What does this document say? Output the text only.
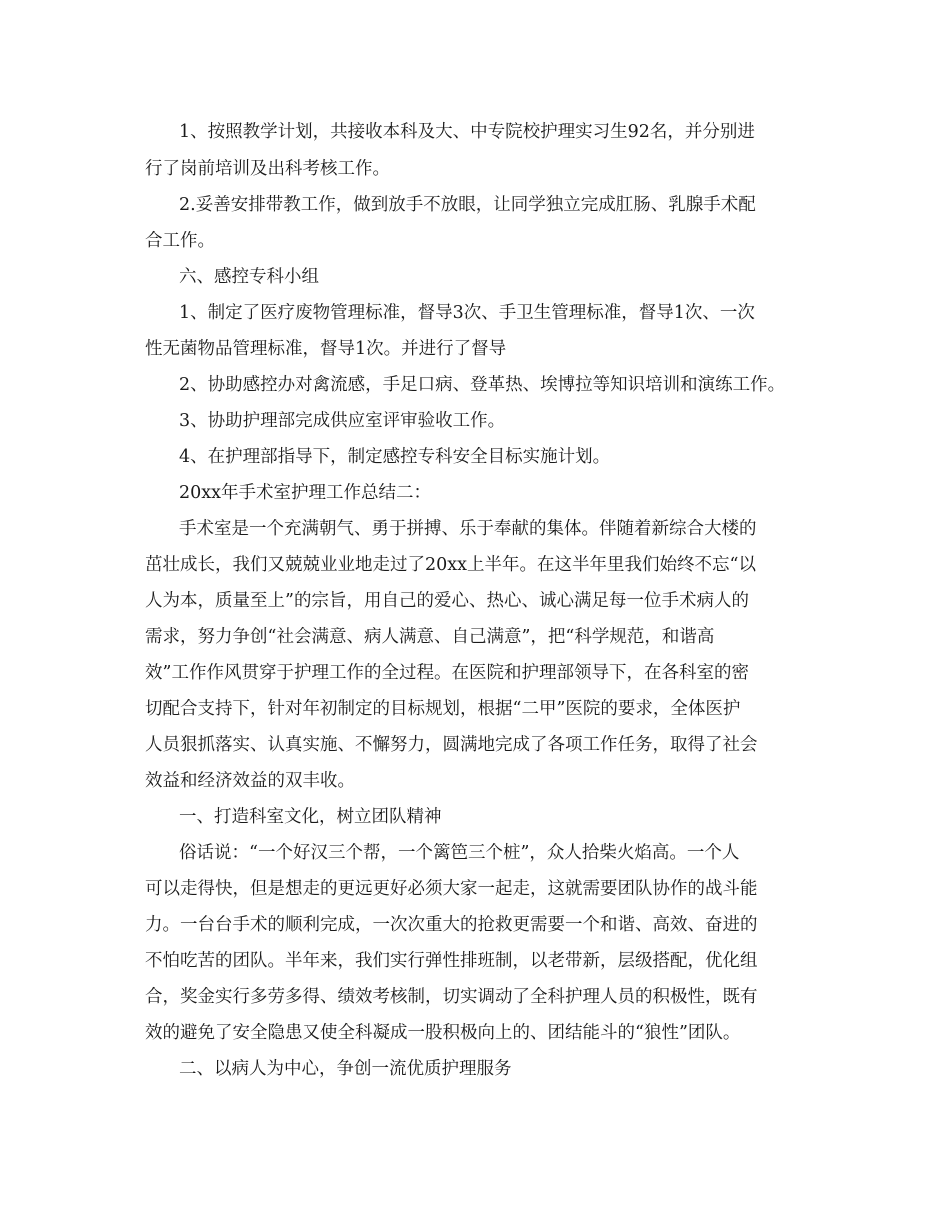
1、按照教学计划，共接收本科及大、中专院校护理实习生92名，并分别进
行了岗前培训及出科考核工作。
2.妥善安排带教工作，做到放手不放眼，让同学独立完成肛肠、乳腺手术配
合工作。
六、感控专科小组
1、制定了医疗废物管理标准，督导3次、手卫生管理标准，督导1次、一次
性无菌物品管理标准，督导1次。并进行了督导
2、协助感控办对禽流感，手足口病、登革热、埃博拉等知识培训和演练工作。
3、协助护理部完成供应室评审验收工作。
4、在护理部指导下，制定感控专科安全目标实施计划。
20xx年手术室护理工作总结二：
手术室是一个充满朝气、勇于拼搏、乐于奉献的集体。伴随着新综合大楼的
茁壮成长，我们又兢兢业业地走过了20xx上半年。在这半年里我们始终不忘“以
人为本，质量至上”的宗旨，用自己的爱心、热心、诚心满足每一位手术病人的
需求，努力争创“社会满意、病人满意、自己满意”，把“科学规范，和谐高
效”工作作风贯穿于护理工作的全过程。在医院和护理部领导下，在各科室的密
切配合支持下，针对年初制定的目标规划，根据“二甲”医院的要求，全体医护
人员狠抓落实、认真实施、不懈努力，圆满地完成了各项工作任务，取得了社会
效益和经济效益的双丰收。
一、打造科室文化，树立团队精神
俗话说：“一个好汉三个帮，一个篱笆三个桩”，众人拾柴火焰高。一个人
可以走得快，但是想走的更远更好必须大家一起走，这就需要团队协作的战斗能
力。一台台手术的顺利完成，一次次重大的抢救更需要一个和谐、高效、奋进的
不怕吃苦的团队。半年来，我们实行弹性排班制，以老带新，层级搭配，优化组
合，奖金实行多劳多得、绩效考核制，切实调动了全科护理人员的积极性，既有
效的避免了安全隐患又使全科凝成一股积极向上的、团结能斗的“狼性”团队。
二、以病人为中心，争创一流优质护理服务
